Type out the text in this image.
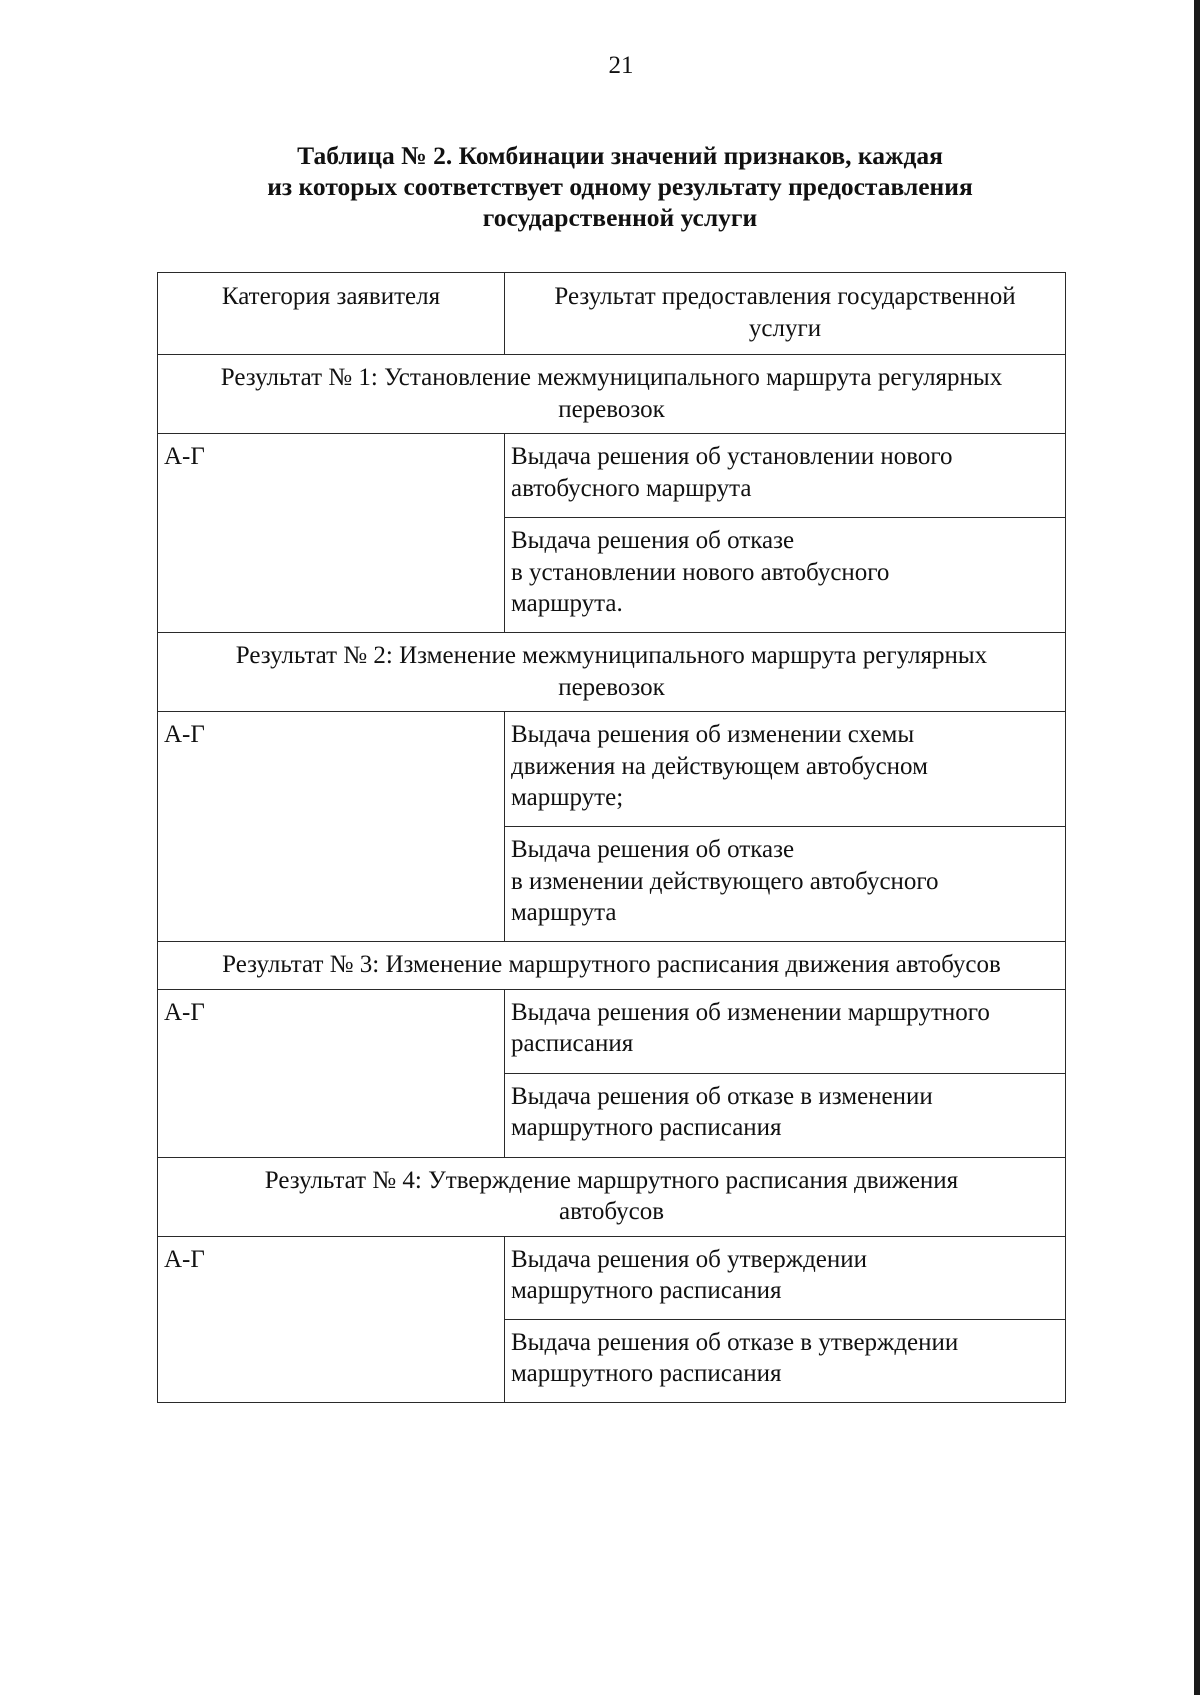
21
Таблица № 2. Комбинации значений признаков, каждая
из которых соответствует одному результату предоставления
государственной услуги
Категория заявителя	Результат предоставления государственной
услуги

Результат № 1: Установление межмуниципального маршрута регулярных
перевозок	

А-Г	Выдача решения об установлении нового
автобусного маршрута

	Выдача решения об отказе
в установлении нового автобусного
маршрута.

Результат № 2: Изменение межмуниципального маршрута регулярных
перевозок	

А-Г	Выдача решения об изменении схемы
движения на действующем автобусном
маршруте;

	Выдача решения об отказе
в изменении действующего автобусного
маршрута

Результат № 3: Изменение маршрутного расписания движения автобусов	

А-Г	Выдача решения об изменении маршрутного
расписания

	Выдача решения об отказе в изменении
маршрутного расписания

Результат № 4: Утверждение маршрутного расписания движения
автобусов	

А-Г	Выдача решения об утверждении
маршрутного расписания

	Выдача решения об отказе в утверждении
маршрутного расписания
